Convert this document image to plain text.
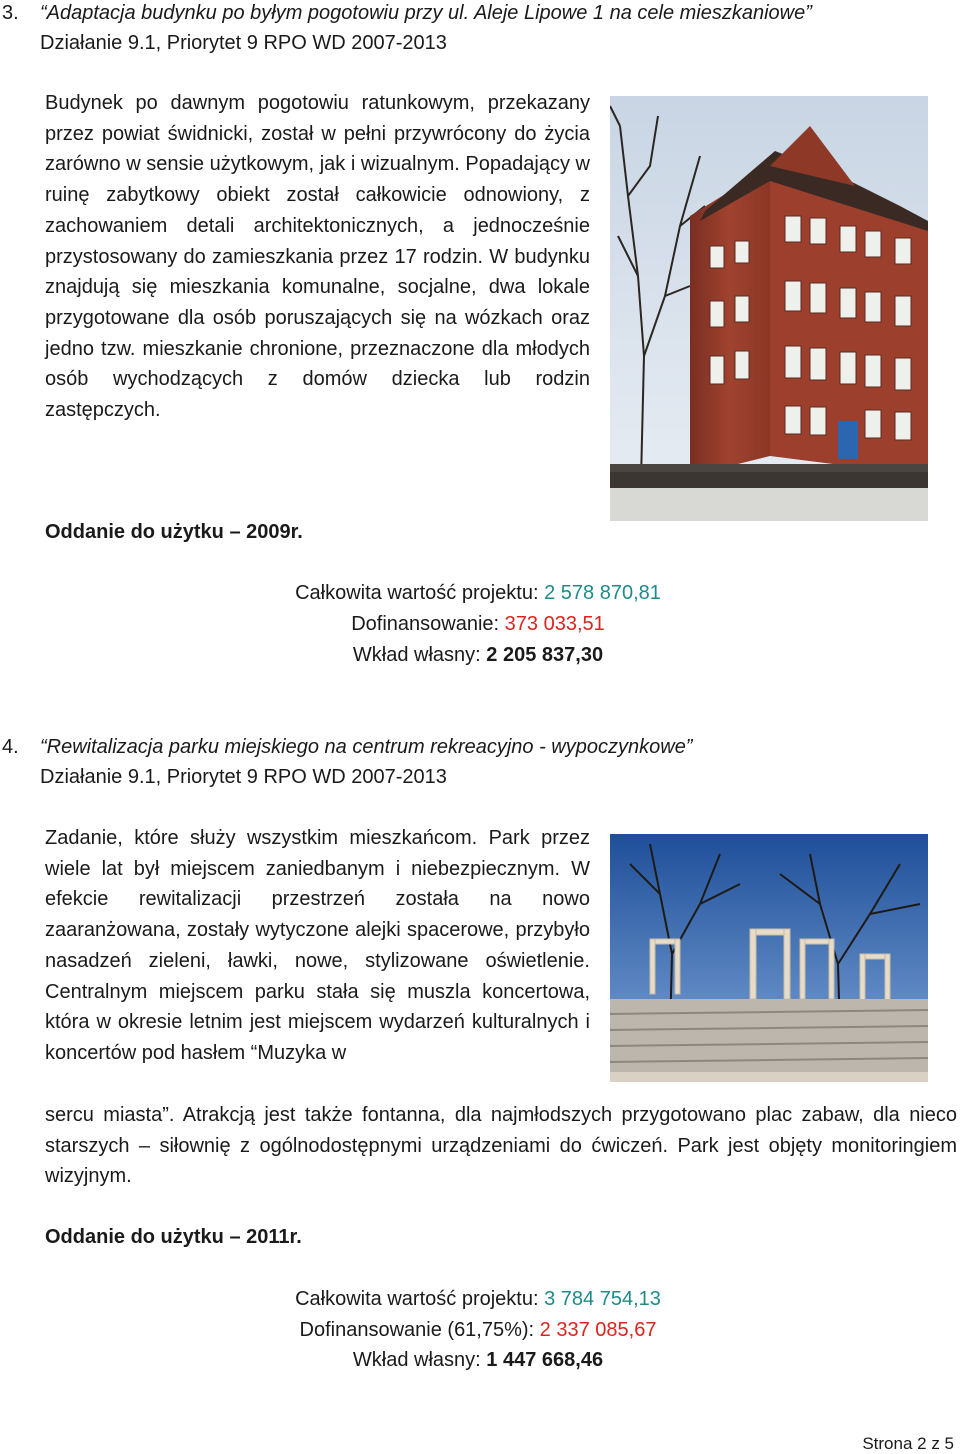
3. “Adaptacja budynku po byłym pogotowiu przy ul. Aleje Lipowe 1 na cele mieszkaniowe”
Działanie 9.1, Priorytet 9 RPO WD 2007-2013
Budynek po dawnym pogotowiu ratunkowym, przekazany przez powiat świdnicki, został w pełni przywrócony do życia zarówno w sensie użytkowym, jak i wizualnym. Popadający w ruinę zabytkowy obiekt został całkowicie odnowiony, z zachowaniem detali architektonicznych, a jednocześnie przystosowany do zamieszkania przez 17 rodzin. W budynku znajdują się mieszkania komunalne, socjalne, dwa lokale przygotowane dla osób poruszających się na wózkach oraz jedno tzw. mieszkanie chronione, przeznaczone dla młodych osób wychodzących z domów dziecka lub rodzin zastępczych.
Oddanie do użytku – 2009r.
Całkowita wartość projektu: 2 578 870,81
Dofinansowanie: 373 033,51
Wkład własny: 2 205 837,30
4. “Rewitalizacja parku miejskiego na centrum rekreacyjno - wypoczynkowe”
Działanie 9.1, Priorytet 9 RPO WD 2007-2013
Zadanie, które służy wszystkim mieszkańcom. Park przez wiele lat był miejscem zaniedbanym i niebezpiecznym. W efekcie rewitalizacji przestrzeń została na nowo zaaranżowana, zostały wytyczone alejki spacerowe, przybyło nasadzeń zieleni, ławki, nowe, stylizowane oświetlenie. Centralnym miejscem parku stała się muszla koncertowa, która w okresie letnim jest miejscem wydarzeń kulturalnych i koncertów pod hasłem “Muzyka w
sercu miasta”. Atrakcją jest także fontanna, dla najmłodszych przygotowano plac zabaw, dla nieco starszych – siłownię z ogólnodostępnymi urządzeniami do ćwiczeń. Park jest objęty monitoringiem wizyjnym.
Oddanie do użytku – 2011r.
Całkowita wartość projektu: 3 784 754,13
Dofinansowanie (61,75%): 2 337 085,67
Wkład własny: 1 447 668,46
Strona 2 z 5
